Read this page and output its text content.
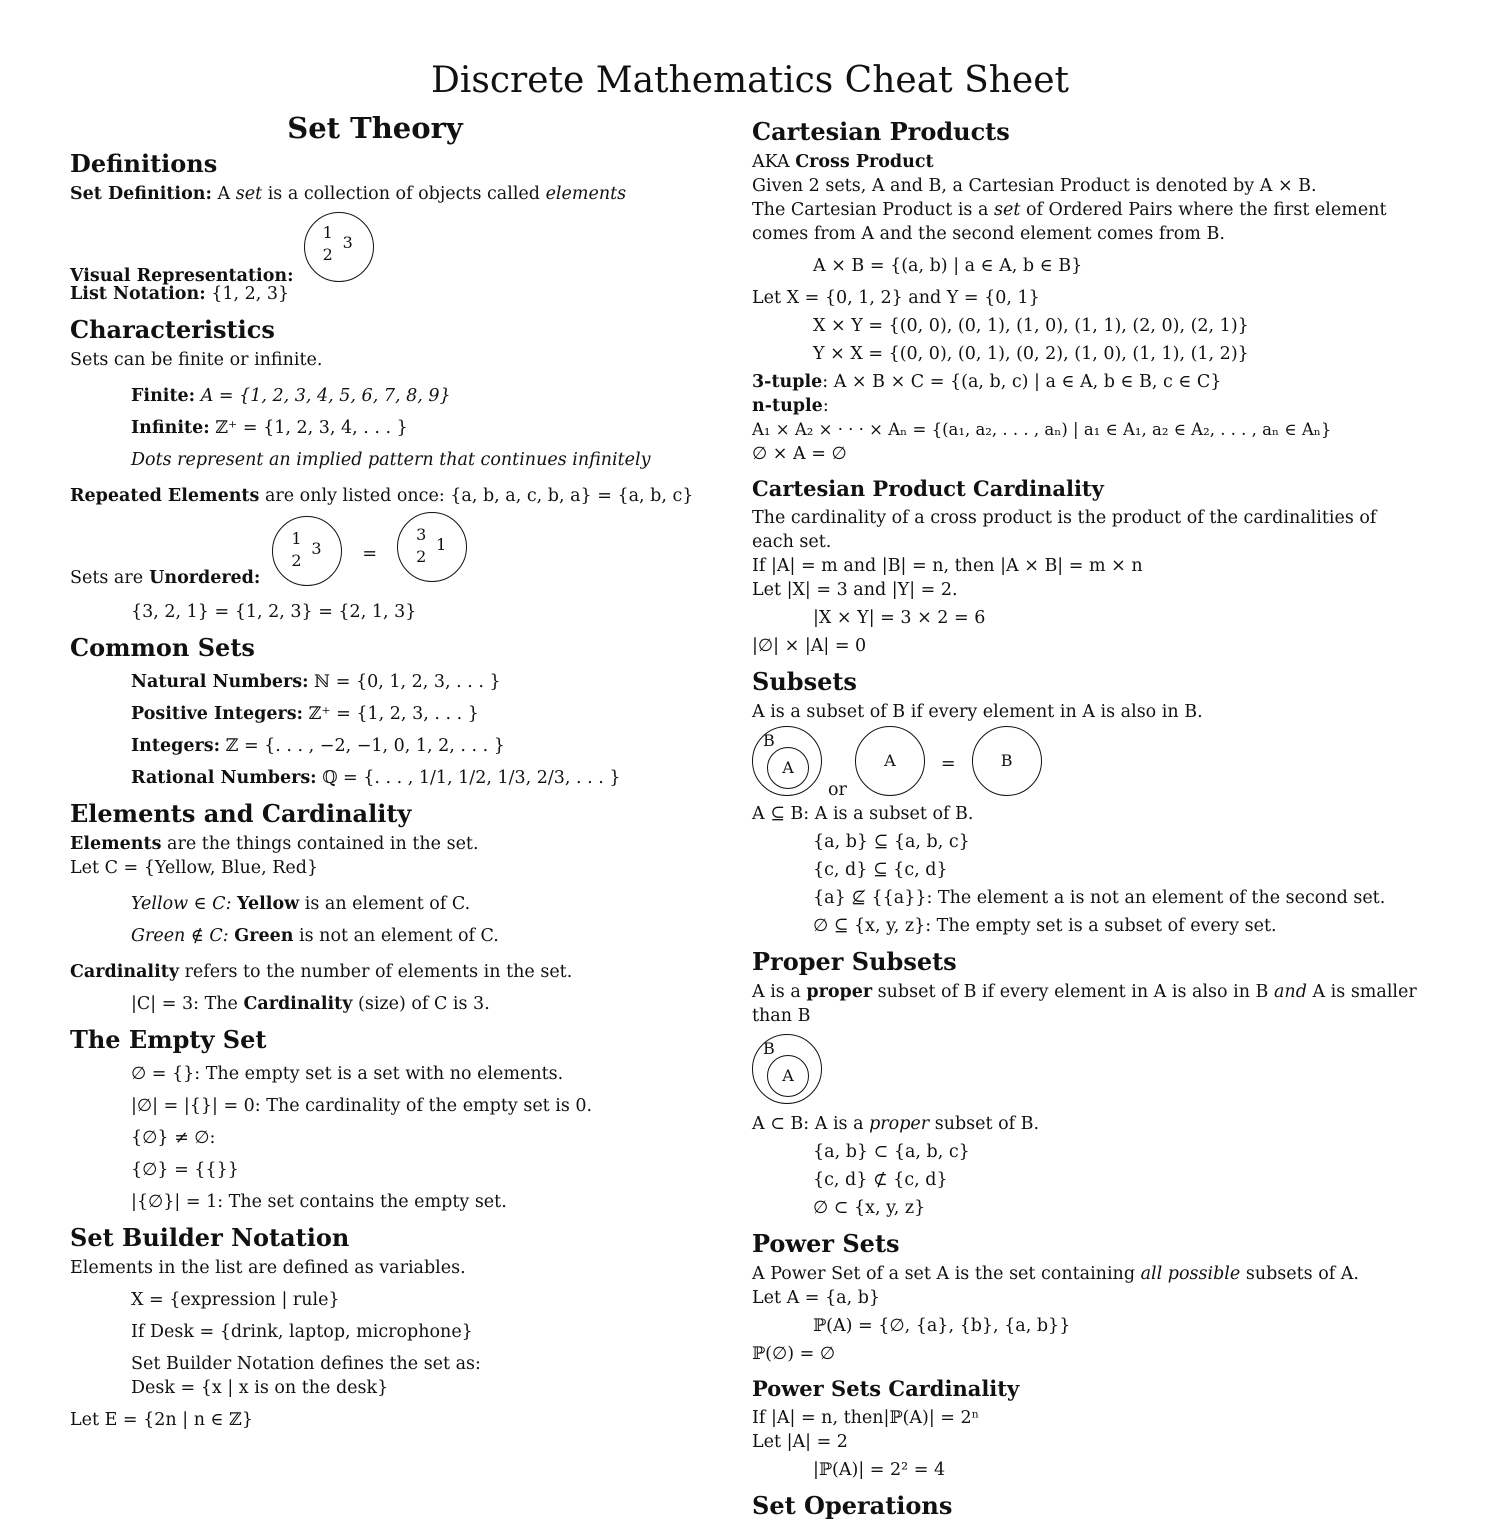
Discrete Mathematics Cheat Sheet
Set Theory
Definitions

Set Definition: A set is a collection of objects called elements

Visual Representation:
1
2
3

List Notation: {1, 2, 3}

Characteristics

Sets can be finite or infinite.

Finite: A = {1, 2, 3, 4, 5, 6, 7, 8, 9}

Infinite: ℤ⁺ = {1, 2, 3, 4, . . . }

Dots represent an implied pattern that continues infinitely

Repeated Elements are only listed once: {a, b, a, c, b, a} = {a, b, c}

Sets are Unordered:
1
2
3 =
3
2
1

{3, 2, 1} = {1, 2, 3} = {2, 1, 3}

Common Sets

Natural Numbers: ℕ = {0, 1, 2, 3, . . . }

Positive Integers: ℤ⁺ = {1, 2, 3, . . . }

Integers: ℤ = {. . . , −2, −1, 0, 1, 2, . . . }

Rational Numbers: ℚ = {. . . , 1/1, 1/2, 1/3, 2/3, . . . }

Elements and Cardinality

Elements are the things contained in the set.

Let C = {Yellow, Blue, Red}

Yellow ∈ C: Yellow is an element of C.

Green ∉ C: Green is not an element of C.

Cardinality refers to the number of elements in the set.

|C| = 3: The Cardinality (size) of C is 3.

The Empty Set

∅ = {}: The empty set is a set with no elements.

|∅| = |{}| = 0: The cardinality of the empty set is 0.

{∅} ≠ ∅:

{∅} = {{}}

|{∅}| = 1: The set contains the empty set.

Set Builder Notation

Elements in the list are defined as variables.

X = {expression | rule}

If Desk = {drink, laptop, microphone}

Set Builder Notation defines the set as:

Desk = {x | x is on the desk}

Let E = {2n | n ∈ ℤ}

Cartesian Products

AKA Cross Product

Given 2 sets, A and B, a Cartesian Product is denoted by A × B.

The Cartesian Product is a set of Ordered Pairs where the first element comes from A and the second element comes from B.

A × B = {(a, b) | a ∈ A, b ∈ B}

Let X = {0, 1, 2} and Y = {0, 1}

X × Y = {(0, 0), (0, 1), (1, 0), (1, 1), (2, 0), (2, 1)}

Y × X = {(0, 0), (0, 1), (0, 2), (1, 0), (1, 1), (1, 2)}

3-tuple: A × B × C = {(a, b, c) | a ∈ A, b ∈ B, c ∈ C}

n-tuple:

A₁ × A₂ × · · · × Aₙ = {(a₁, a₂, . . . , aₙ) | a₁ ∈ A₁, a₂ ∈ A₂, . . . , aₙ ∈ Aₙ}

∅ × A = ∅

Cartesian Product Cardinality

The cardinality of a cross product is the product of the cardinalities of each set.

If |A| = m and |B| = n, then |A × B| = m × n

Let |X| = 3 and |Y| = 2.

|X × Y| = 3 × 2 = 6

|∅| × |A| = 0

Subsets

A is a subset of B if every element in A is also in B.

B
A
or
A	=	B

A ⊆ B: A is a subset of B.

{a, b} ⊆ {a, b, c}

{c, d} ⊆ {c, d}

{a} ⊈ {{a}}: The element a is not an element of the second set.

∅ ⊆ {x, y, z}: The empty set is a subset of every set.

Proper Subsets

A is a proper subset of B if every element in A is also in B and A is smaller than B

B
A

A ⊂ B: A is a proper subset of B.

{a, b} ⊂ {a, b, c}

{c, d} ⊄ {c, d}

∅ ⊂ {x, y, z}

Power Sets

A Power Set of a set A is the set containing all possible subsets of A.

Let A = {a, b}

ℙ(A) = {∅, {a}, {b}, {a, b}}

ℙ(∅) = ∅

Power Sets Cardinality

If |A| = n, then|ℙ(A)| = 2ⁿ

Let |A| = 2

|ℙ(A)| = 2² = 4

Set Operations
